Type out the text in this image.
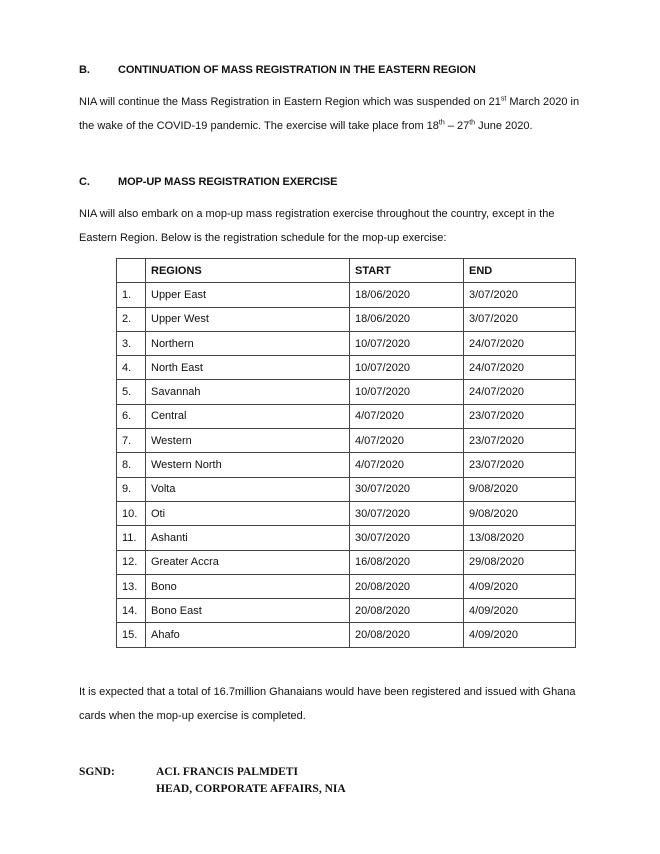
B.	CONTINUATION OF MASS REGISTRATION IN THE EASTERN REGION
NIA will continue the Mass Registration in Eastern Region which was suspended on 21st March 2020 in the wake of the COVID-19 pandemic. The exercise will take place from 18th – 27th June 2020.
C.	MOP-UP MASS REGISTRATION EXERCISE
NIA will also embark on a mop-up mass registration exercise throughout the country, except in the Eastern Region. Below is the registration schedule for the mop-up exercise:
	REGIONS	START	END
1.	Upper East	18/06/2020	3/07/2020
2.	Upper West	18/06/2020	3/07/2020
3.	Northern	10/07/2020	24/07/2020
4.	North East	10/07/2020	24/07/2020
5.	Savannah	10/07/2020	24/07/2020
6.	Central	4/07/2020	23/07/2020
7.	Western	4/07/2020	23/07/2020
8.	Western North	4/07/2020	23/07/2020
9.	Volta	30/07/2020	9/08/2020
10.	Oti	30/07/2020	9/08/2020
11.	Ashanti	30/07/2020	13/08/2020
12.	Greater Accra	16/08/2020	29/08/2020
13.	Bono	20/08/2020	4/09/2020
14.	Bono East	20/08/2020	4/09/2020
15.	Ahafo	20/08/2020	4/09/2020
It is expected that a total of 16.7million Ghanaians would have been registered and issued with Ghana cards when the mop-up exercise is completed.
SGND:	ACI. FRANCIS PALMDETI
HEAD, CORPORATE AFFAIRS, NIA
